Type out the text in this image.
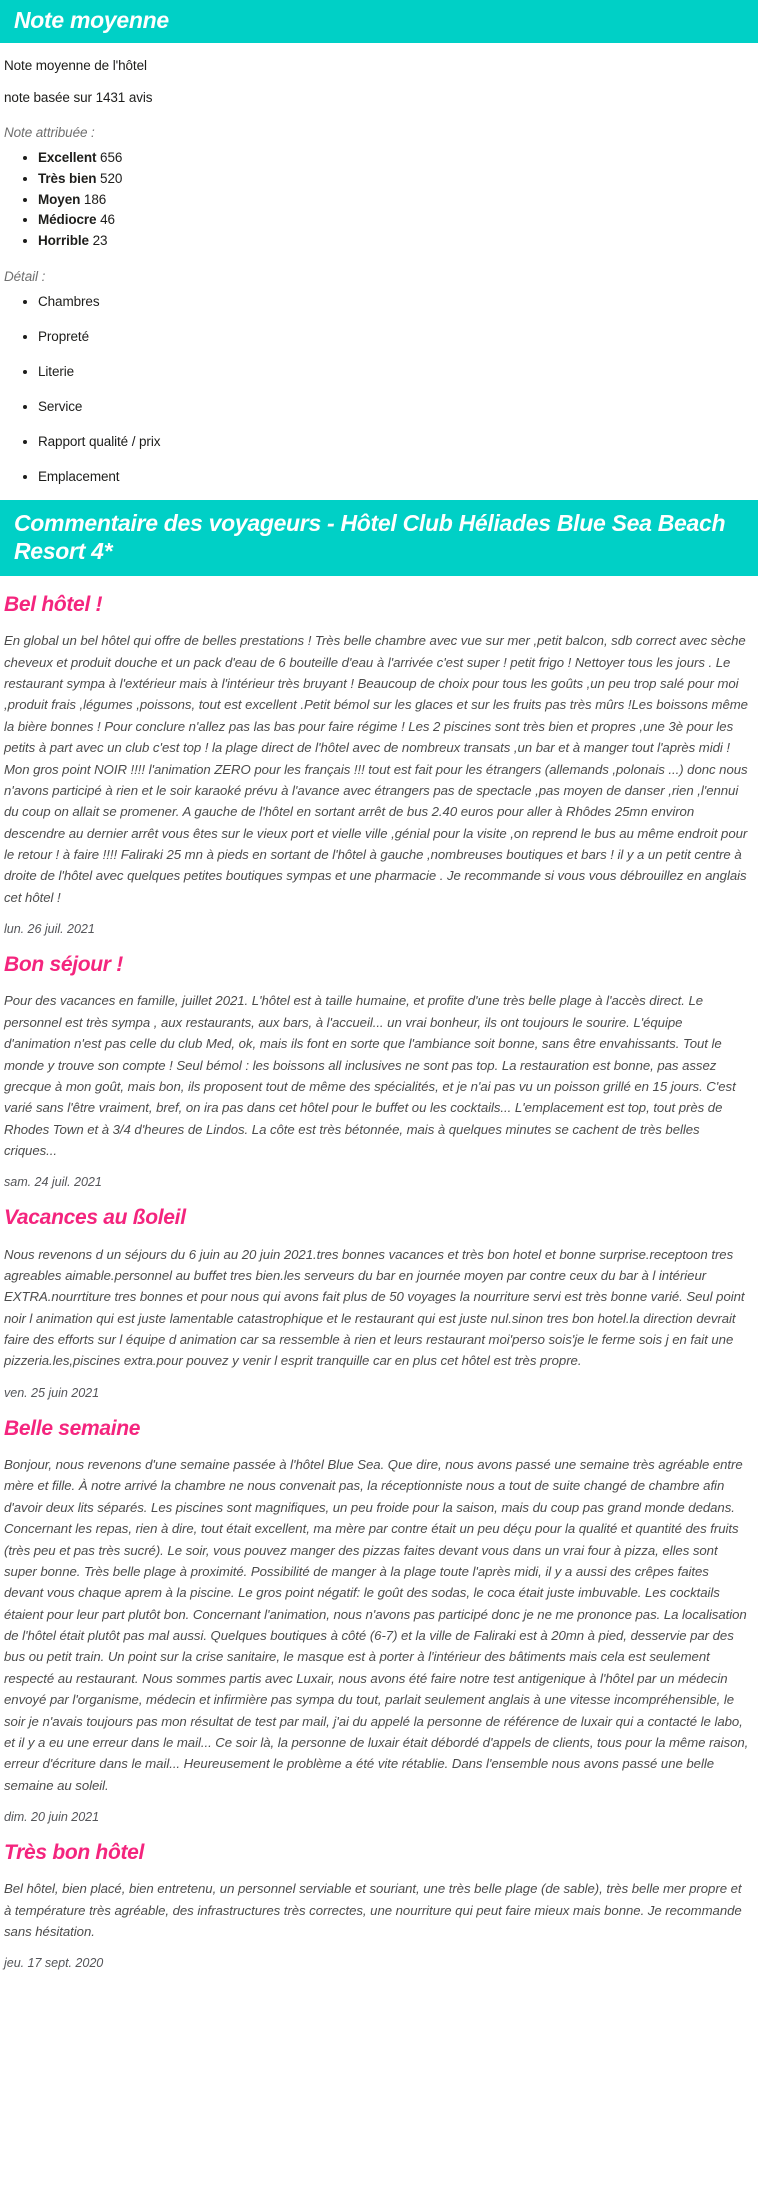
Note moyenne

Note moyenne de l'hôtel

note basée sur 1431 avis

Note attribuée :

• Excellent 656
• Très bien 520
• Moyen 186
• Médiocre 46
• Horrible 23

Détail :

• Chambres
• Propreté
• Literie
• Service
• Rapport qualité / prix
• Emplacement
Commentaire des voyageurs - Hôtel Club Héliades Blue Sea Beach Resort 4*

Bel hôtel !

En global un bel hôtel qui offre de belles prestations ! Très belle chambre avec vue sur mer ,petit balcon, sdb correct avec sèche cheveux et produit douche et un pack d'eau de 6 bouteille d'eau à l'arrivée c'est super ! petit frigo ! Nettoyer tous les jours . Le restaurant sympa à l'extérieur mais à l'intérieur très bruyant ! Beaucoup de choix pour tous les goûts ,un peu trop salé pour moi ,produit frais ,légumes ,poissons, tout est excellent .Petit bémol sur les glaces et sur les fruits pas très mûrs !Les boissons même la bière bonnes ! Pour conclure n'allez pas las bas pour faire régime ! Les 2 piscines sont très bien et propres ,une 3è pour les petits à part avec un club c'est top ! la plage direct de l'hôtel avec de nombreux transats ,un bar et à manger tout l'après midi ! Mon gros point NOIR !!!! l'animation ZERO pour les français !!! tout est fait pour les étrangers (allemands ,polonais ...) donc nous n'avons participé à rien et le soir karaoké prévu à l'avance avec étrangers pas de spectacle ,pas moyen de danser ,rien ,l'ennui du coup on allait se promener. A gauche de l'hôtel en sortant arrêt de bus 2.40 euros pour aller à Rhôdes 25mn environ descendre au dernier arrêt vous êtes sur le vieux port et vielle ville ,génial pour la visite ,on reprend le bus au même endroit pour le retour ! à faire !!!! Faliraki 25 mn à pieds en sortant de l'hôtel à gauche ,nombreuses boutiques et bars ! il y a un petit centre à droite de l'hôtel avec quelques petites boutiques sympas et une pharmacie . Je recommande si vous vous débrouillez en anglais cet hôtel !

lun. 26 juil. 2021

Bon séjour !

Pour des vacances en famille, juillet 2021. L'hôtel est à taille humaine, et profite d'une très belle plage à l'accès direct. Le personnel est très sympa , aux restaurants, aux bars, à l'accueil... un vrai bonheur, ils ont toujours le sourire. L'équipe d'animation n'est pas celle du club Med, ok, mais ils font en sorte que l'ambiance soit bonne, sans être envahissants. Tout le monde y trouve son compte ! Seul bémol : les boissons all inclusives ne sont pas top. La restauration est bonne, pas assez grecque à mon goût, mais bon, ils proposent tout de même des spécialités, et je n'ai pas vu un poisson grillé en 15 jours. C'est varié sans l'être vraiment, bref, on ira pas dans cet hôtel pour le buffet ou les cocktails... L'emplacement est top, tout près de Rhodes Town et à 3/4 d'heures de Lindos. La côte est très bétonnée, mais à quelques minutes se cachent de très belles criques...

sam. 24 juil. 2021

Vacances au ßoleil

Nous revenons d un séjours du 6 juin au 20 juin 2021.tres bonnes vacances et très bon hotel et bonne surprise.receptoon tres agreables aimable.personnel au buffet tres bien.les serveurs du bar en journée moyen par contre ceux du bar à l intérieur EXTRA.nourrtiture tres bonnes et pour nous qui avons fait plus de 50 voyages la nourriture servi est très bonne varié. Seul point noir l animation qui est juste lamentable catastrophique et le restaurant qui est juste nul.sinon tres bon hotel.la direction devrait faire des efforts sur l équipe d animation car sa ressemble à rien et leurs restaurant moi'perso sois'je le ferme sois j en fait une pizzeria.les,piscines extra.pour pouvez y venir l esprit tranquille car en plus cet hôtel est très propre.

ven. 25 juin 2021

Belle semaine

Bonjour, nous revenons d'une semaine passée à l'hôtel Blue Sea. Que dire, nous avons passé une semaine très agréable entre mère et fille. À notre arrivé la chambre ne nous convenait pas, la réceptionniste nous a tout de suite changé de chambre afin d'avoir deux lits séparés. Les piscines sont magnifiques, un peu froide pour la saison, mais du coup pas grand monde dedans. Concernant les repas, rien à dire, tout était excellent, ma mère par contre était un peu déçu pour la qualité et quantité des fruits (très peu et pas très sucré). Le soir, vous pouvez manger des pizzas faites devant vous dans un vrai four à pizza, elles sont super bonne. Très belle plage à proximité. Possibilité de manger à la plage toute l'après midi, il y a aussi des crêpes faites devant vous chaque aprem à la piscine. Le gros point négatif: le goût des sodas, le coca était juste imbuvable. Les cocktails étaient pour leur part plutôt bon. Concernant l'animation, nous n'avons pas participé donc je ne me prononce pas. La localisation de l'hôtel était plutôt pas mal aussi. Quelques boutiques à côté (6-7) et la ville de Faliraki est à 20mn à pied, desservie par des bus ou petit train. Un point sur la crise sanitaire, le masque est à porter à l'intérieur des bâtiments mais cela est seulement respecté au restaurant. Nous sommes partis avec Luxair, nous avons été faire notre test antigenique à l'hôtel par un médecin envoyé par l'organisme, médecin et infirmière pas sympa du tout, parlait seulement anglais à une vitesse incompréhensible, le soir je n'avais toujours pas mon résultat de test par mail, j'ai du appelé la personne de référence de luxair qui a contacté le labo, et il y a eu une erreur dans le mail... Ce soir là, la personne de luxair était débordé d'appels de clients, tous pour la même raison, erreur d'écriture dans le mail... Heureusement le problème a été vite rétablie. Dans l'ensemble nous avons passé une belle semaine au soleil.

dim. 20 juin 2021

Très bon hôtel

Bel hôtel, bien placé, bien entretenu, un personnel serviable et souriant, une très belle plage (de sable), très belle mer propre et à température très agréable, des infrastructures très correctes, une nourriture qui peut faire mieux mais bonne. Je recommande sans hésitation.

jeu. 17 sept. 2020
